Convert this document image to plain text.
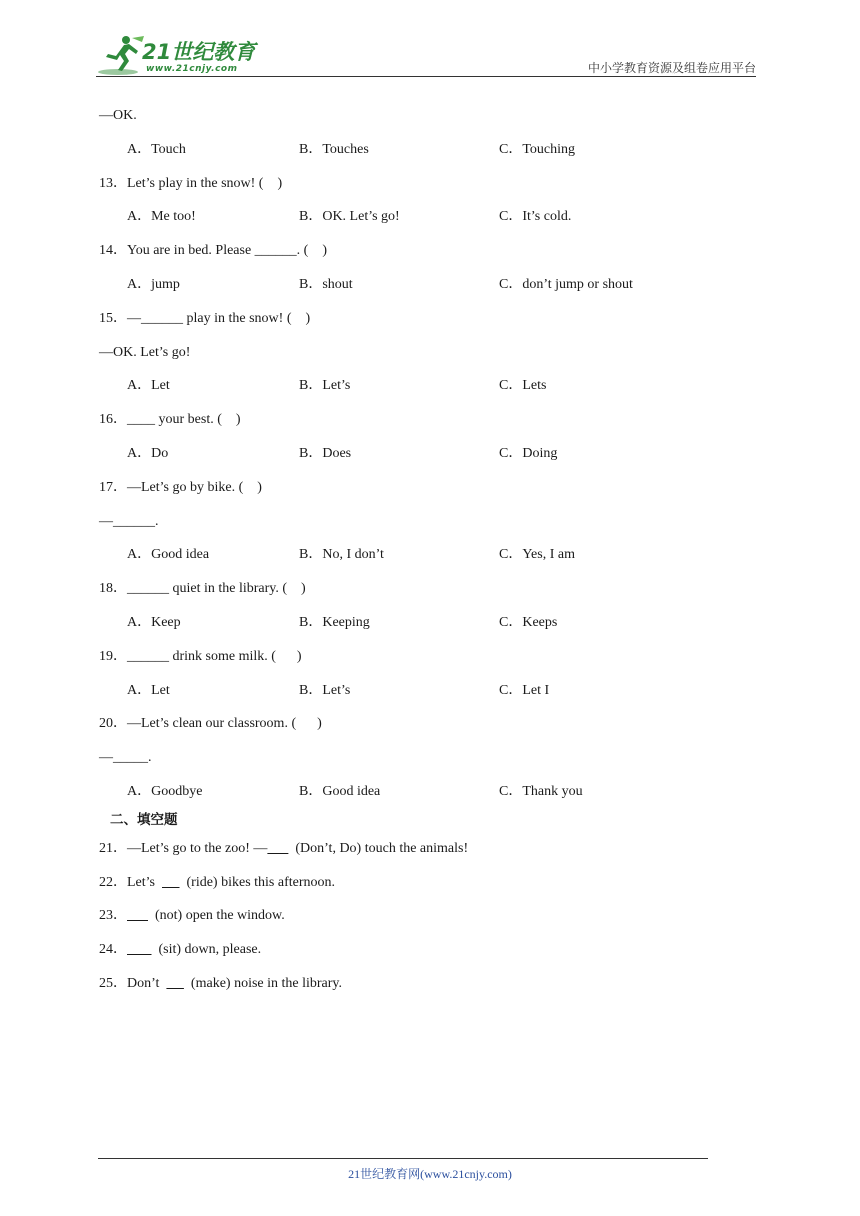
21世纪教育
www.21cnjy.com	中小学教育资源及组卷应用平台
—OK.
A．Touch	B．Touches	C．Touching
13．Let’s play in the snow! (    )
A．Me too!	B．OK. Let’s go!	C．It’s cold.
14．You are in bed. Please ______. (    )
A．jump	B．shout	C．don’t jump or shout
15．—______ play in the snow! (    )
—OK. Let’s go!
A．Let	B．Let’s	C．Lets
16．____ your best. (    )
A．Do	B．Does	C．Doing
17．—Let’s go by bike. (    )
—______.
A．Good idea	B．No, I don’t	C．Yes, I am
18．______ quiet in the library. (    )
A．Keep	B．Keeping	C．Keeps
19．______ drink some milk. (      )
A．Let	B．Let’s	C．Let I
20．—Let’s clean our classroom. (      )
—_____.
A．Goodbye	B．Good idea	C．Thank you
二、填空题
21．—Let’s go to the zoo! —        (Don’t, Do) touch the animals!
22．Let’s         (ride) bikes this afternoon.
23．        (not) open the window.
24．         (sit) down, please.
25．Don’t         (make) noise in the library.
21世纪教育网(www.21cnjy.com)
